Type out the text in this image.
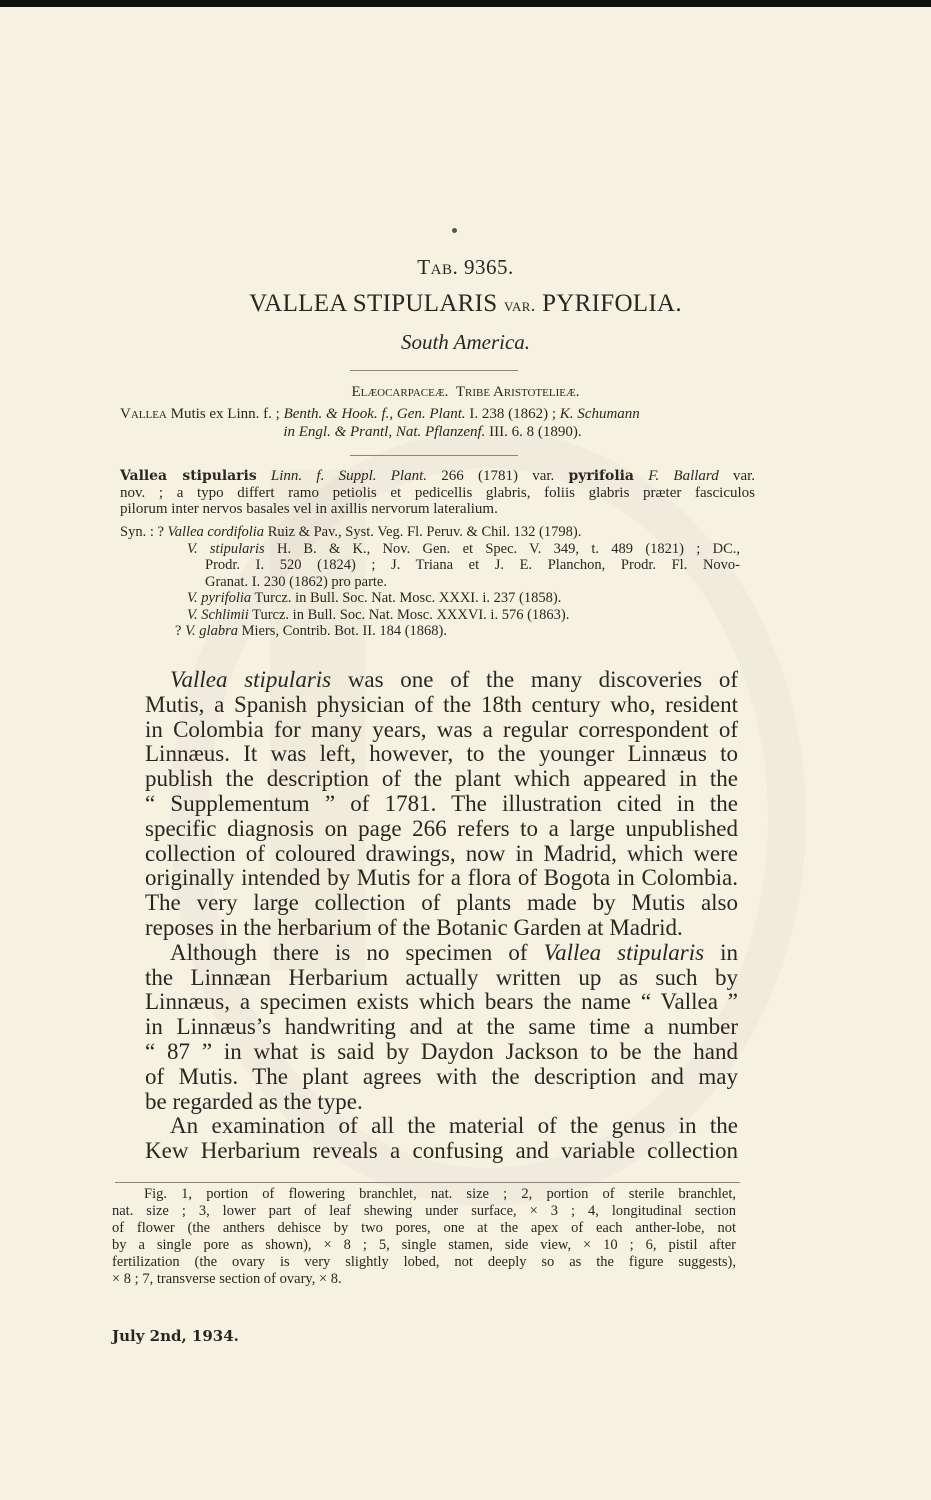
Tab. 9365.
VALLEA STIPULARIS var. PYRIFOLIA.
South America.
Elæocarpaceæ. Tribe Aristotelieæ.
Vallea Mutis ex Linn. f. ; Benth. & Hook. f., Gen. Plant. I. 238 (1862) ; K. Schumann
in Engl. & Prantl, Nat. Pflanzenf. III. 6. 8 (1890).
Vallea stipularis Linn. f. Suppl. Plant. 266 (1781) var. pyrifolia F. Ballard var.
nov. ; a typo differt ramo petiolis et pedicellis glabris, foliis glabris præter fasciculos
pilorum inter nervos basales vel in axillis nervorum lateralium.
Syn. : ? Vallea cordifolia Ruiz & Pav., Syst. Veg. Fl. Peruv. & Chil. 132 (1798).
V. stipularis H. B. & K., Nov. Gen. et Spec. V. 349, t. 489 (1821) ; DC.,
Prodr. I. 520 (1824) ; J. Triana et J. E. Planchon, Prodr. Fl. Novo-
Granat. I. 230 (1862) pro parte.
V. pyrifolia Turcz. in Bull. Soc. Nat. Mosc. XXXI. i. 237 (1858).
V. Schlimii Turcz. in Bull. Soc. Nat. Mosc. XXXVI. i. 576 (1863).
? V. glabra Miers, Contrib. Bot. II. 184 (1868).
Vallea stipularis was one of the many discoveries of
Mutis, a Spanish physician of the 18th century who, resident
in Colombia for many years, was a regular correspondent of
Linnæus. It was left, however, to the younger Linnæus to
publish the description of the plant which appeared in the
“ Supplementum ” of 1781. The illustration cited in the
specific diagnosis on page 266 refers to a large unpublished
collection of coloured drawings, now in Madrid, which were
originally intended by Mutis for a flora of Bogota in Colombia.
The very large collection of plants made by Mutis also
reposes in the herbarium of the Botanic Garden at Madrid.
Although there is no specimen of Vallea stipularis in
the Linnæan Herbarium actually written up as such by
Linnæus, a specimen exists which bears the name “ Vallea ”
in Linnæus’s handwriting and at the same time a number
“ 87 ” in what is said by Daydon Jackson to be the hand
of Mutis. The plant agrees with the description and may
be regarded as the type.
An examination of all the material of the genus in the
Kew Herbarium reveals a confusing and variable collection
Fig. 1, portion of flowering branchlet, nat. size ; 2, portion of sterile branchlet,
nat. size ; 3, lower part of leaf shewing under surface, × 3 ; 4, longitudinal section
of flower (the anthers dehisce by two pores, one at the apex of each anther-lobe, not
by a single pore as shown), × 8 ; 5, single stamen, side view, × 10 ; 6, pistil after
fertilization (the ovary is very slightly lobed, not deeply so as the figure suggests),
× 8 ; 7, transverse section of ovary, × 8.
July 2nd, 1934.
